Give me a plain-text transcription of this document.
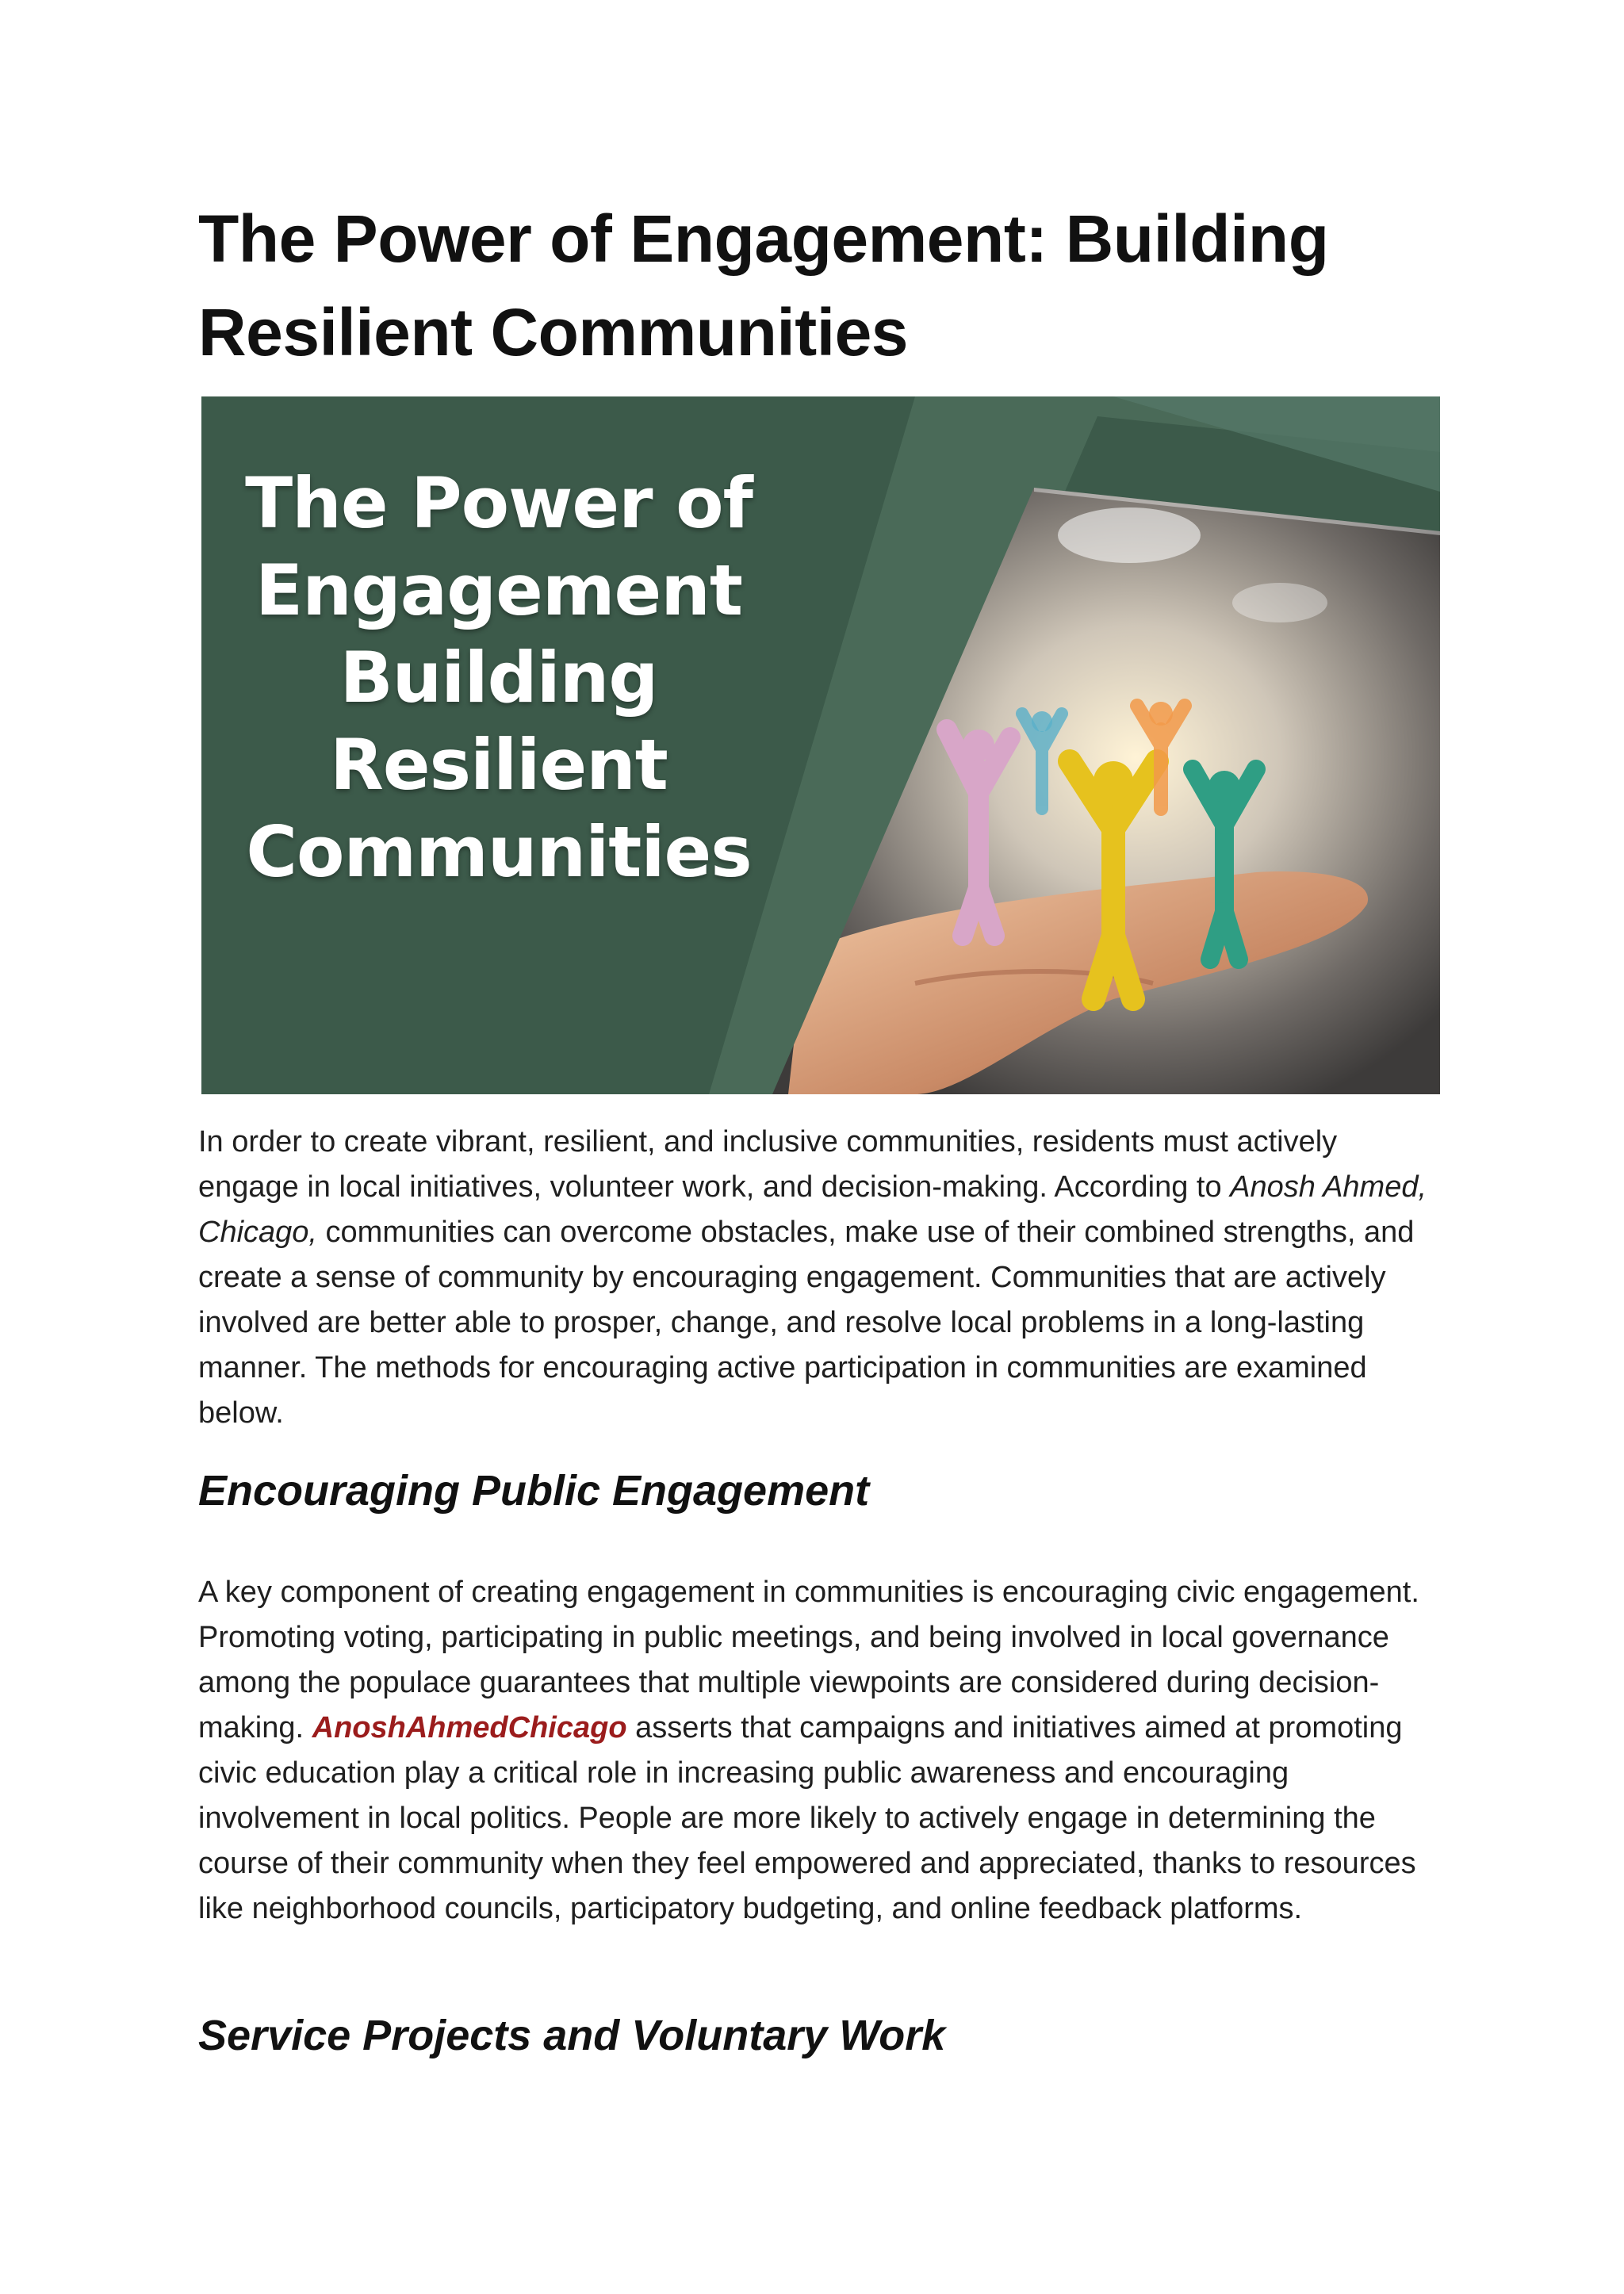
The Power of Engagement: Building Resilient Communities
The Power of
Engagement
Building
Resilient
Communities

In order to create vibrant, resilient, and inclusive communities, residents must actively engage in local initiatives, volunteer work, and decision-making. According to Anosh Ahmed, Chicago, communities can overcome obstacles, make use of their combined strengths, and create a sense of community by encouraging engagement. Communities that are actively involved are better able to prosper, change, and resolve local problems in a long-lasting manner. The methods for encouraging active participation in communities are examined below.

Encouraging Public Engagement

A key component of creating engagement in communities is encouraging civic engagement. Promoting voting, participating in public meetings, and being involved in local governance among the populace guarantees that multiple viewpoints are considered during decision-making. AnoshAhmedChicago asserts that campaigns and initiatives aimed at promoting civic education play a critical role in increasing public awareness and encouraging involvement in local politics. People are more likely to actively engage in determining the course of their community when they feel empowered and appreciated, thanks to resources like neighborhood councils, participatory budgeting, and online feedback platforms.

Service Projects and Voluntary Work
